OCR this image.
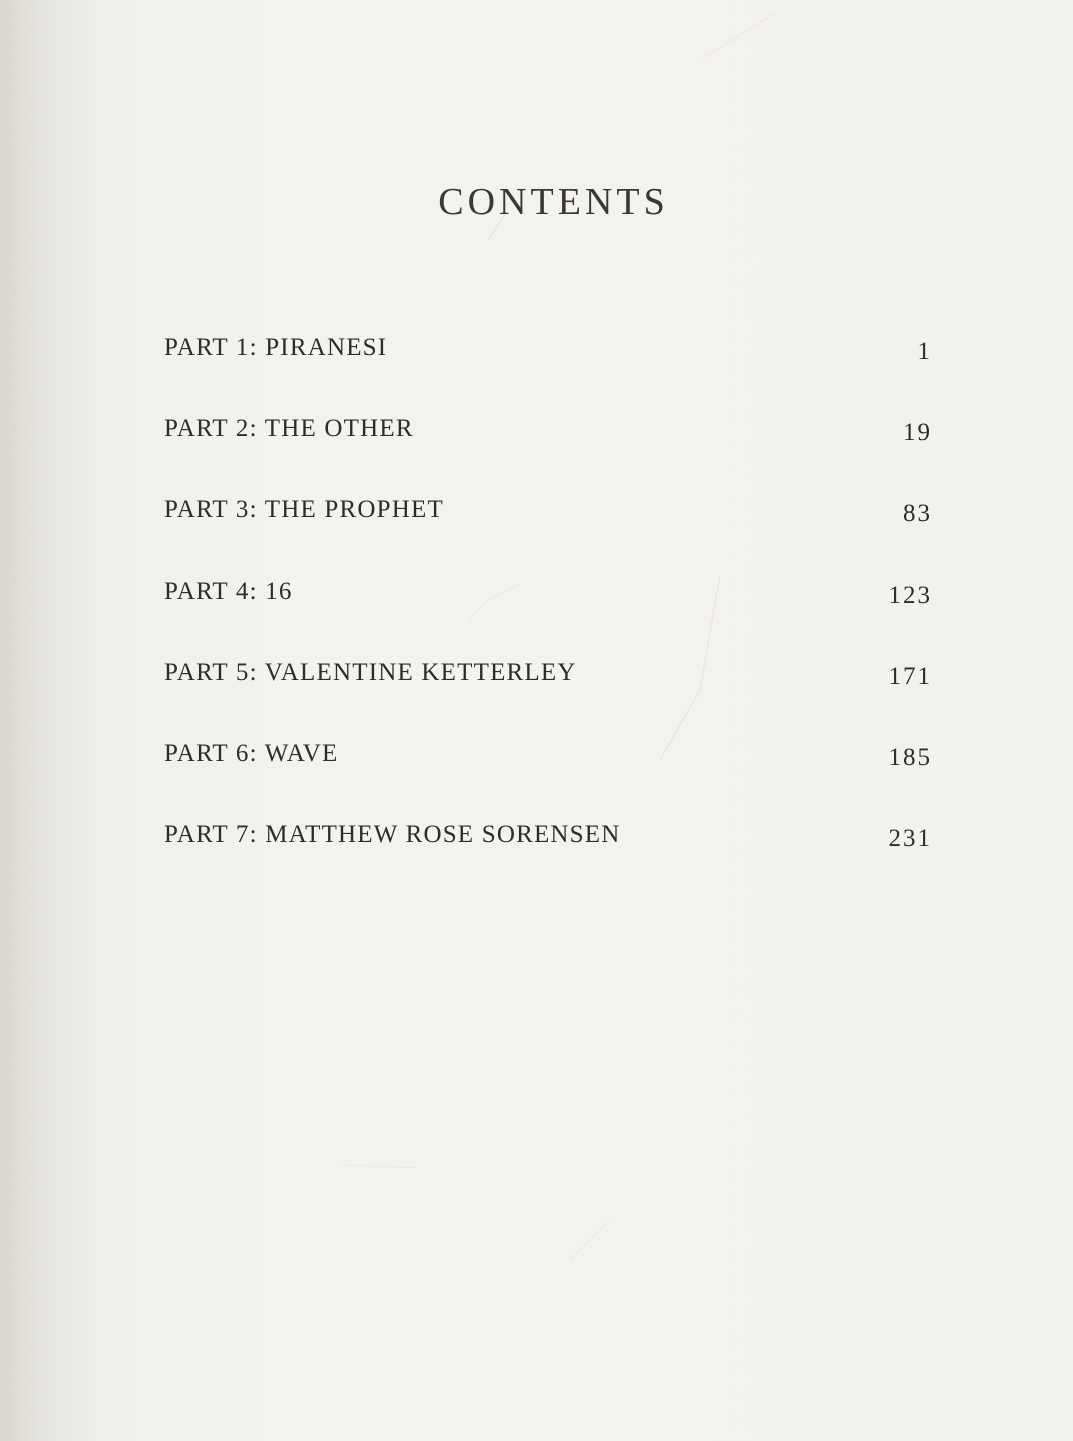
CONTENTS
PART 1: PIRANESI	1
PART 2: THE OTHER	19
PART 3: THE PROPHET	83
PART 4: 16	123
PART 5: VALENTINE KETTERLEY	171
PART 6: WAVE	185
PART 7: MATTHEW ROSE SORENSEN	231
